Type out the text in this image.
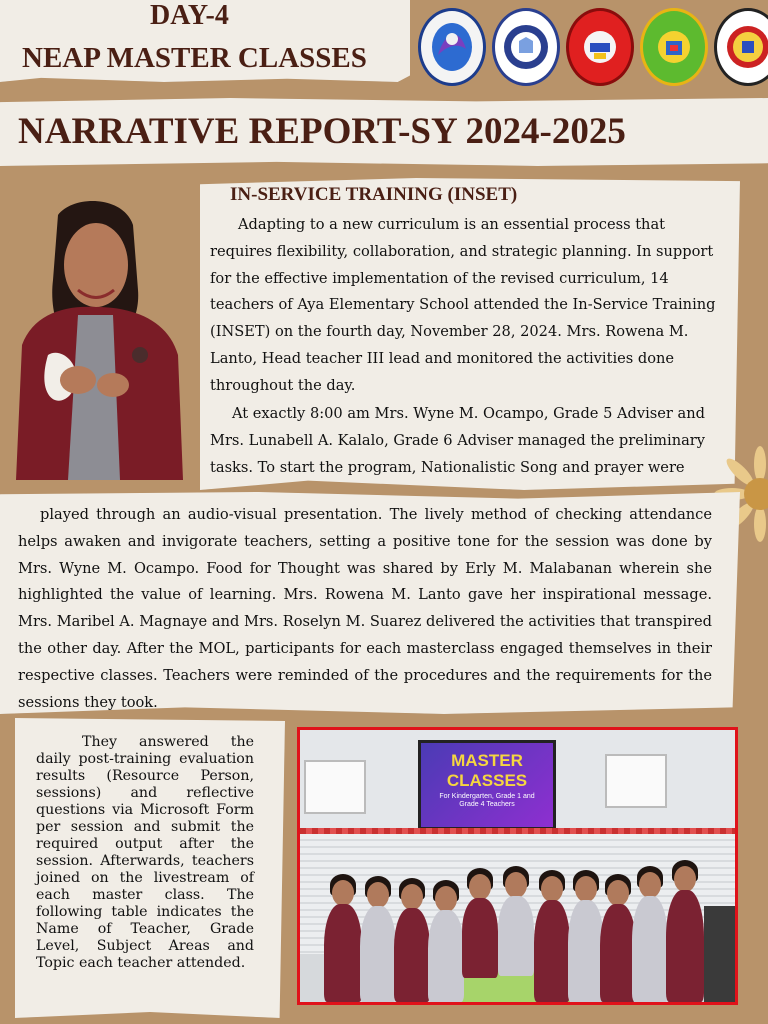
DAY-4
NEAP MASTER CLASSES
NARRATIVE REPORT-SY 2024-2025
IN-SERVICE TRAINING (INSET)
Adapting to a new curriculum is an essential process that requires flexibility, collaboration, and strategic planning. In support for the effective implementation of the revised curriculum, 14 teachers of Aya Elementary School attended the In-Service Training (INSET) on the fourth day, November 28, 2024. Mrs. Rowena M. Lanto, Head teacher III lead and monitored the activities done throughout the day.
At exactly 8:00 am Mrs. Wyne M. Ocampo, Grade 5 Adviser and Mrs. Lunabell A. Kalalo, Grade 6 Adviser managed the preliminary tasks. To start the program, Nationalistic Song and prayer were
played through an audio-visual presentation. The lively method of checking attendance helps awaken and invigorate teachers, setting a positive tone for the session was done by Mrs. Wyne M. Ocampo. Food for Thought was shared by Erly M. Malabanan wherein she highlighted the value of learning. Mrs. Rowena M. Lanto gave her inspirational message. Mrs. Maribel A. Magnaye and Mrs. Roselyn M. Suarez delivered the activities that transpired the other day. After the MOL, participants for each masterclass engaged themselves in their respective classes. Teachers were reminded of the procedures and the requirements for the sessions they took.
They answered the daily post-training evaluation results (Resource Person, sessions) and reflective questions via Microsoft Form per session and submit the required output after the session. Afterwards, teachers joined on the livestream of each master class. The following table indicates the Name of Teacher, Grade Level, Subject Areas and Topic each teacher attended.
MASTER
CLASSES
For Kindergarten, Grade 1 and Grade 4 Teachers
